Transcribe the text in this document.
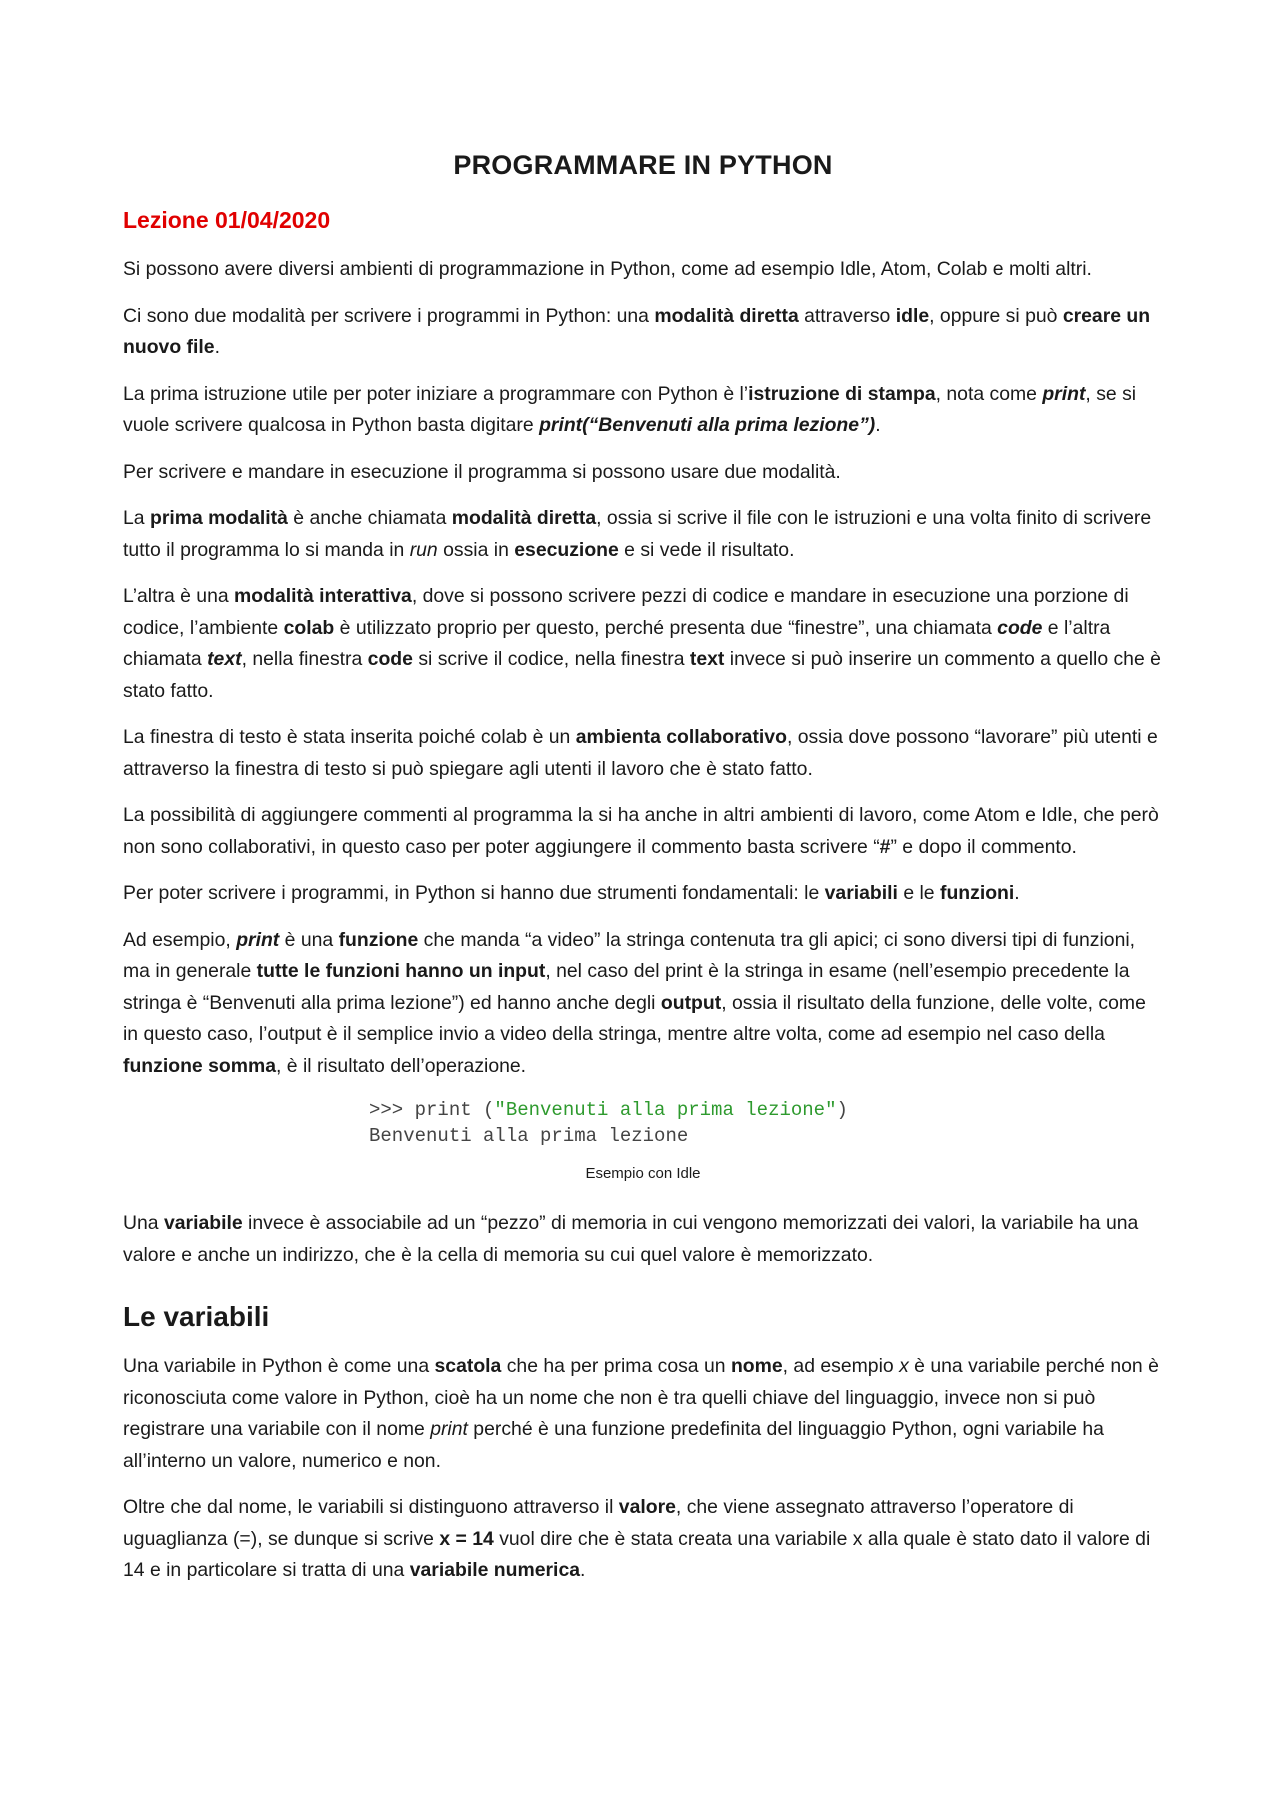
PROGRAMMARE IN PYTHON
Lezione 01/04/2020

Si possono avere diversi ambienti di programmazione in Python, come ad esempio Idle, Atom, Colab e molti altri.

Ci sono due modalità per scrivere i programmi in Python: una modalità diretta attraverso idle, oppure si può creare un nuovo file.

La prima istruzione utile per poter iniziare a programmare con Python è l’istruzione di stampa, nota come print, se si vuole scrivere qualcosa in Python basta digitare print(“Benvenuti alla prima lezione”).

Per scrivere e mandare in esecuzione il programma si possono usare due modalità.

La prima modalità è anche chiamata modalità diretta, ossia si scrive il file con le istruzioni e una volta finito di scrivere tutto il programma lo si manda in run ossia in esecuzione e si vede il risultato.

L’altra è una modalità interattiva, dove si possono scrivere pezzi di codice e mandare in esecuzione una porzione di codice, l’ambiente colab è utilizzato proprio per questo, perché presenta due “finestre”, una chiamata code e l’altra chiamata text, nella finestra code si scrive il codice, nella finestra text invece si può inserire un commento a quello che è stato fatto.

La finestra di testo è stata inserita poiché colab è un ambienta collaborativo, ossia dove possono “lavorare” più utenti e attraverso la finestra di testo si può spiegare agli utenti il lavoro che è stato fatto.

La possibilità di aggiungere commenti al programma la si ha anche in altri ambienti di lavoro, come Atom e Idle, che però non sono collaborativi, in questo caso per poter aggiungere il commento basta scrivere “#” e dopo il commento.

Per poter scrivere i programmi, in Python si hanno due strumenti fondamentali: le variabili e le funzioni.

Ad esempio, print è una funzione che manda “a video” la stringa contenuta tra gli apici; ci sono diversi tipi di funzioni, ma in generale tutte le funzioni hanno un input, nel caso del print è la stringa in esame (nell’esempio precedente la stringa è “Benvenuti alla prima lezione”) ed hanno anche degli output, ossia il risultato della funzione, delle volte, come in questo caso, l’output è il semplice invio a video della stringa, mentre altre volta, come ad esempio nel caso della funzione somma, è il risultato dell’operazione.

>>> print ("Benvenuti alla prima lezione")
Benvenuti alla prima lezione
Esempio con Idle

Una variabile invece è associabile ad un “pezzo” di memoria in cui vengono memorizzati dei valori, la variabile ha una valore e anche un indirizzo, che è la cella di memoria su cui quel valore è memorizzato.

Le variabili

Una variabile in Python è come una scatola che ha per prima cosa un nome, ad esempio x è una variabile perché non è riconosciuta come valore in Python, cioè ha un nome che non è tra quelli chiave del linguaggio, invece non si può registrare una variabile con il nome print perché è una funzione predefinita del linguaggio Python, ogni variabile ha all’interno un valore, numerico e non.

Oltre che dal nome, le variabili si distinguono attraverso il valore, che viene assegnato attraverso l’operatore di uguaglianza (=), se dunque si scrive x = 14 vuol dire che è stata creata una variabile x alla quale è stato dato il valore di 14 e in particolare si tratta di una variabile numerica.
